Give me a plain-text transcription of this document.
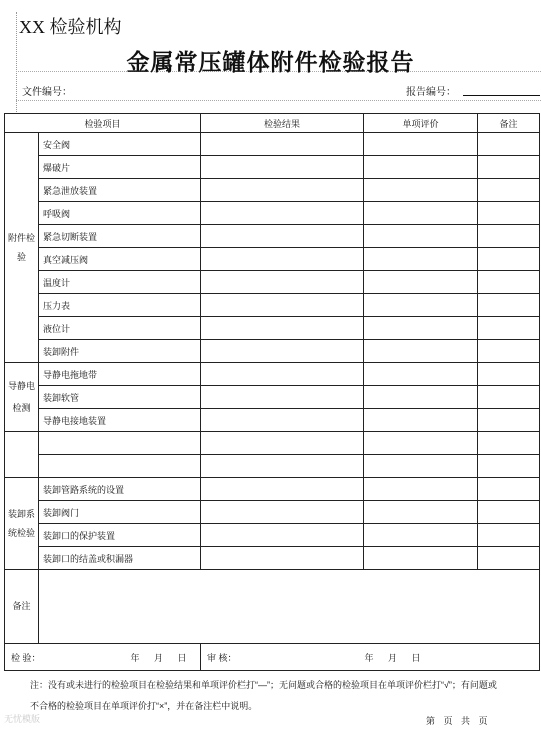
XX 检验机构
金属常压罐体附件检验报告
文件编号：	报告编号：
检验项目		检验结果	单项评价	备注
附件检验	安全阀			
	爆破片			
	紧急泄放装置			
	呼吸阀			
	紧急切断装置			
	真空减压阀			
	温度计			
	压力表			
	液位计			
	装卸附件			
导静电检测	导静电拖地带			
	装卸软管			
	导静电接地装置			

装卸系统检验	装卸管路系统的设置			
	装卸阀门			
	装卸口的保护装置			
	装卸口的结盖或积漏器			
备注				
检 验： 年 月 日		审 核： 年 月 日		
注：没有或未进行的检验项目在检验结果和单项评价栏打“—”；无问题或合格的检验项目在单项评价栏打“√”；有问题或
不合格的检验项目在单项评价打“×”，并在备注栏中说明。
第 页 共 页
无忧模版
